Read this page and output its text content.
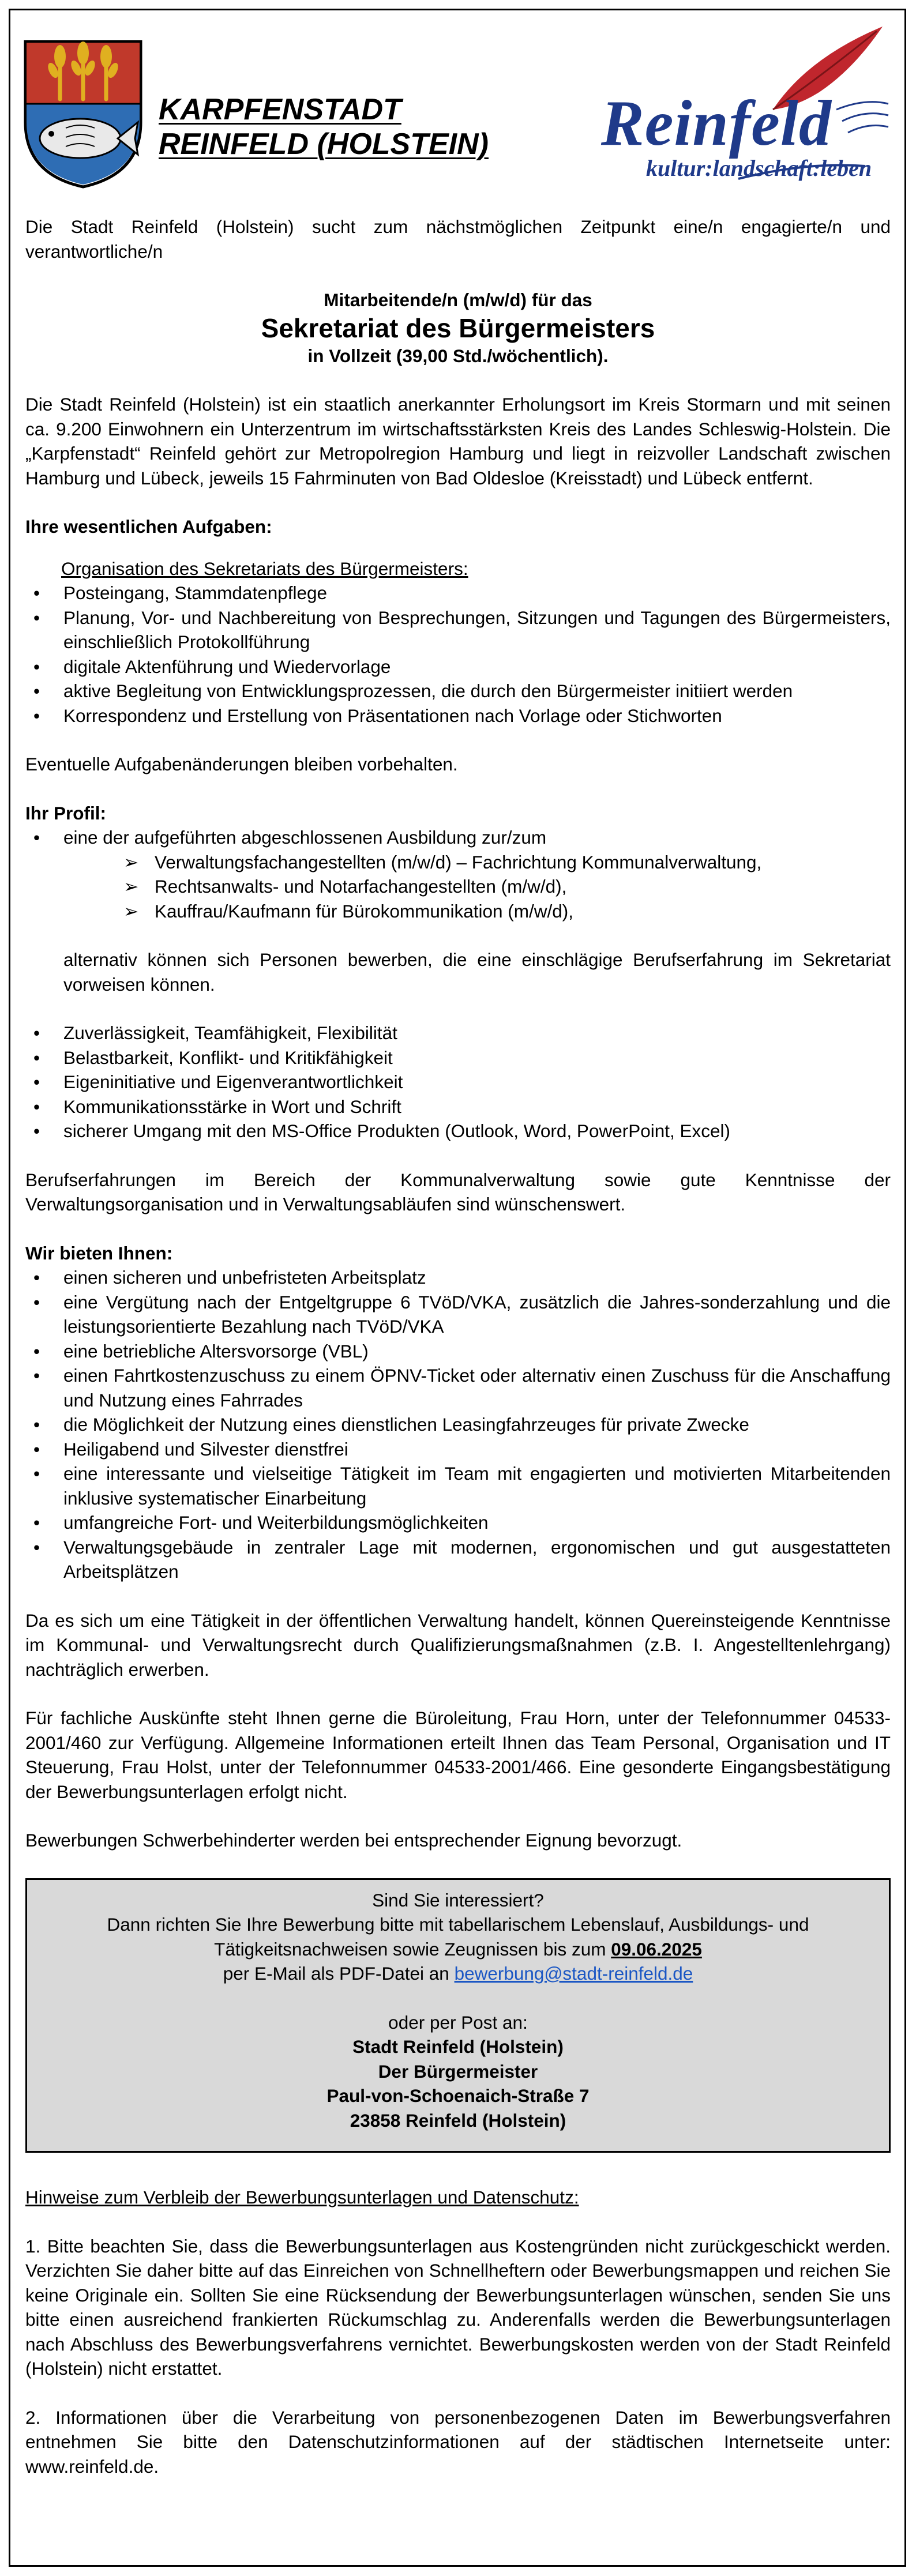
KARPFENSTADT
REINFELD (HOLSTEIN) Reinfeld
kultur:landschaft:leben

Die Stadt Reinfeld (Holstein) sucht zum nächstmöglichen Zeitpunkt eine/n engagierte/n und verantwortliche/n

Mitarbeitende/n (m/w/d) für das

Sekretariat des Bürgermeisters

in Vollzeit (39,00 Std./wöchentlich).

Die Stadt Reinfeld (Holstein) ist ein staatlich anerkannter Erholungsort im Kreis Stormarn und mit seinen ca. 9.200 Einwohnern ein Unterzentrum im wirtschaftsstärksten Kreis des Landes Schleswig-Holstein. Die „Karpfenstadt“ Reinfeld gehört zur Metropolregion Hamburg und liegt in reizvoller Landschaft zwischen Hamburg und Lübeck, jeweils 15 Fahrminuten von Bad Oldesloe (Kreisstadt) und Lübeck entfernt.

Ihre wesentlichen Aufgaben:

Organisation des Sekretariats des Bürgermeisters:

• Posteingang, Stammdatenpflege
• Planung, Vor- und Nachbereitung von Besprechungen, Sitzungen und Tagungen des Bürgermeisters, einschließlich Protokollführung
• digitale Aktenführung und Wiedervorlage
• aktive Begleitung von Entwicklungsprozessen, die durch den Bürgermeister initiiert werden
• Korrespondenz und Erstellung von Präsentationen nach Vorlage oder Stichworten

Eventuelle Aufgabenänderungen bleiben vorbehalten.

Ihr Profil:

• eine der aufgeführten abgeschlossenen Ausbildung zur/zum
➢ Verwaltungsfachangestellten (m/w/d) – Fachrichtung Kommunalverwaltung,
➢ Rechtsanwalts- und Notarfachangestellten (m/w/d),
➢ Kauffrau/Kaufmann für Bürokommunikation (m/w/d),

alternativ können sich Personen bewerben, die eine einschlägige Berufserfahrung im Sekretariat vorweisen können.

• Zuverlässigkeit, Teamfähigkeit, Flexibilität
• Belastbarkeit, Konflikt- und Kritikfähigkeit
• Eigeninitiative und Eigenverantwortlichkeit
• Kommunikationsstärke in Wort und Schrift
• sicherer Umgang mit den MS-Office Produkten (Outlook, Word, PowerPoint, Excel)

Berufserfahrungen im Bereich der Kommunalverwaltung sowie gute Kenntnisse der Verwaltungsorganisation und in Verwaltungsabläufen sind wünschenswert.

Wir bieten Ihnen:

• einen sicheren und unbefristeten Arbeitsplatz
• eine Vergütung nach der Entgeltgruppe 6 TVöD/VKA, zusätzlich die Jahres-sonderzahlung und die leistungsorientierte Bezahlung nach TVöD/VKA
• eine betriebliche Altersvorsorge (VBL)
• einen Fahrtkostenzuschuss zu einem ÖPNV-Ticket oder alternativ einen Zuschuss für die Anschaffung und Nutzung eines Fahrrades
• die Möglichkeit der Nutzung eines dienstlichen Leasingfahrzeuges für private Zwecke
• Heiligabend und Silvester dienstfrei
• eine interessante und vielseitige Tätigkeit im Team mit engagierten und motivierten Mitarbeitenden inklusive systematischer Einarbeitung
• umfangreiche Fort- und Weiterbildungsmöglichkeiten
• Verwaltungsgebäude in zentraler Lage mit modernen, ergonomischen und gut ausgestatteten Arbeitsplätzen

Da es sich um eine Tätigkeit in der öffentlichen Verwaltung handelt, können Quereinsteigende Kenntnisse im Kommunal- und Verwaltungsrecht durch Qualifizierungsmaßnahmen (z.B. I. Angestelltenlehrgang) nachträglich erwerben.

Für fachliche Auskünfte steht Ihnen gerne die Büroleitung, Frau Horn, unter der Telefonnummer 04533-2001/460 zur Verfügung. Allgemeine Informationen erteilt Ihnen das Team Personal, Organisation und IT Steuerung, Frau Holst, unter der Telefonnummer 04533-2001/466. Eine gesonderte Eingangsbestätigung der Bewerbungsunterlagen erfolgt nicht.

Bewerbungen Schwerbehinderter werden bei entsprechender Eignung bevorzugt.

Sind Sie interessiert?

Dann richten Sie Ihre Bewerbung bitte mit tabellarischem Lebenslauf, Ausbildungs- und

Tätigkeitsnachweisen sowie Zeugnissen bis zum 09.06.2025

per E-Mail als PDF-Datei an bewerbung@stadt-reinfeld.de

oder per Post an:

Stadt Reinfeld (Holstein)

Der Bürgermeister

Paul-von-Schoenaich-Straße 7

23858 Reinfeld (Holstein)

Hinweise zum Verbleib der Bewerbungsunterlagen und Datenschutz:

1. Bitte beachten Sie, dass die Bewerbungsunterlagen aus Kostengründen nicht zurückgeschickt werden. Verzichten Sie daher bitte auf das Einreichen von Schnellheftern oder Bewerbungsmappen und reichen Sie keine Originale ein. Sollten Sie eine Rücksendung der Bewerbungsunterlagen wünschen, senden Sie uns bitte einen ausreichend frankierten Rückumschlag zu. Anderenfalls werden die Bewerbungsunterlagen nach Abschluss des Bewerbungsverfahrens vernichtet. Bewerbungskosten werden von der Stadt Reinfeld (Holstein) nicht erstattet.

2. Informationen über die Verarbeitung von personenbezogenen Daten im Bewerbungsverfahren entnehmen Sie bitte den Datenschutzinformationen auf der städtischen Internetseite unter: www.reinfeld.de.
